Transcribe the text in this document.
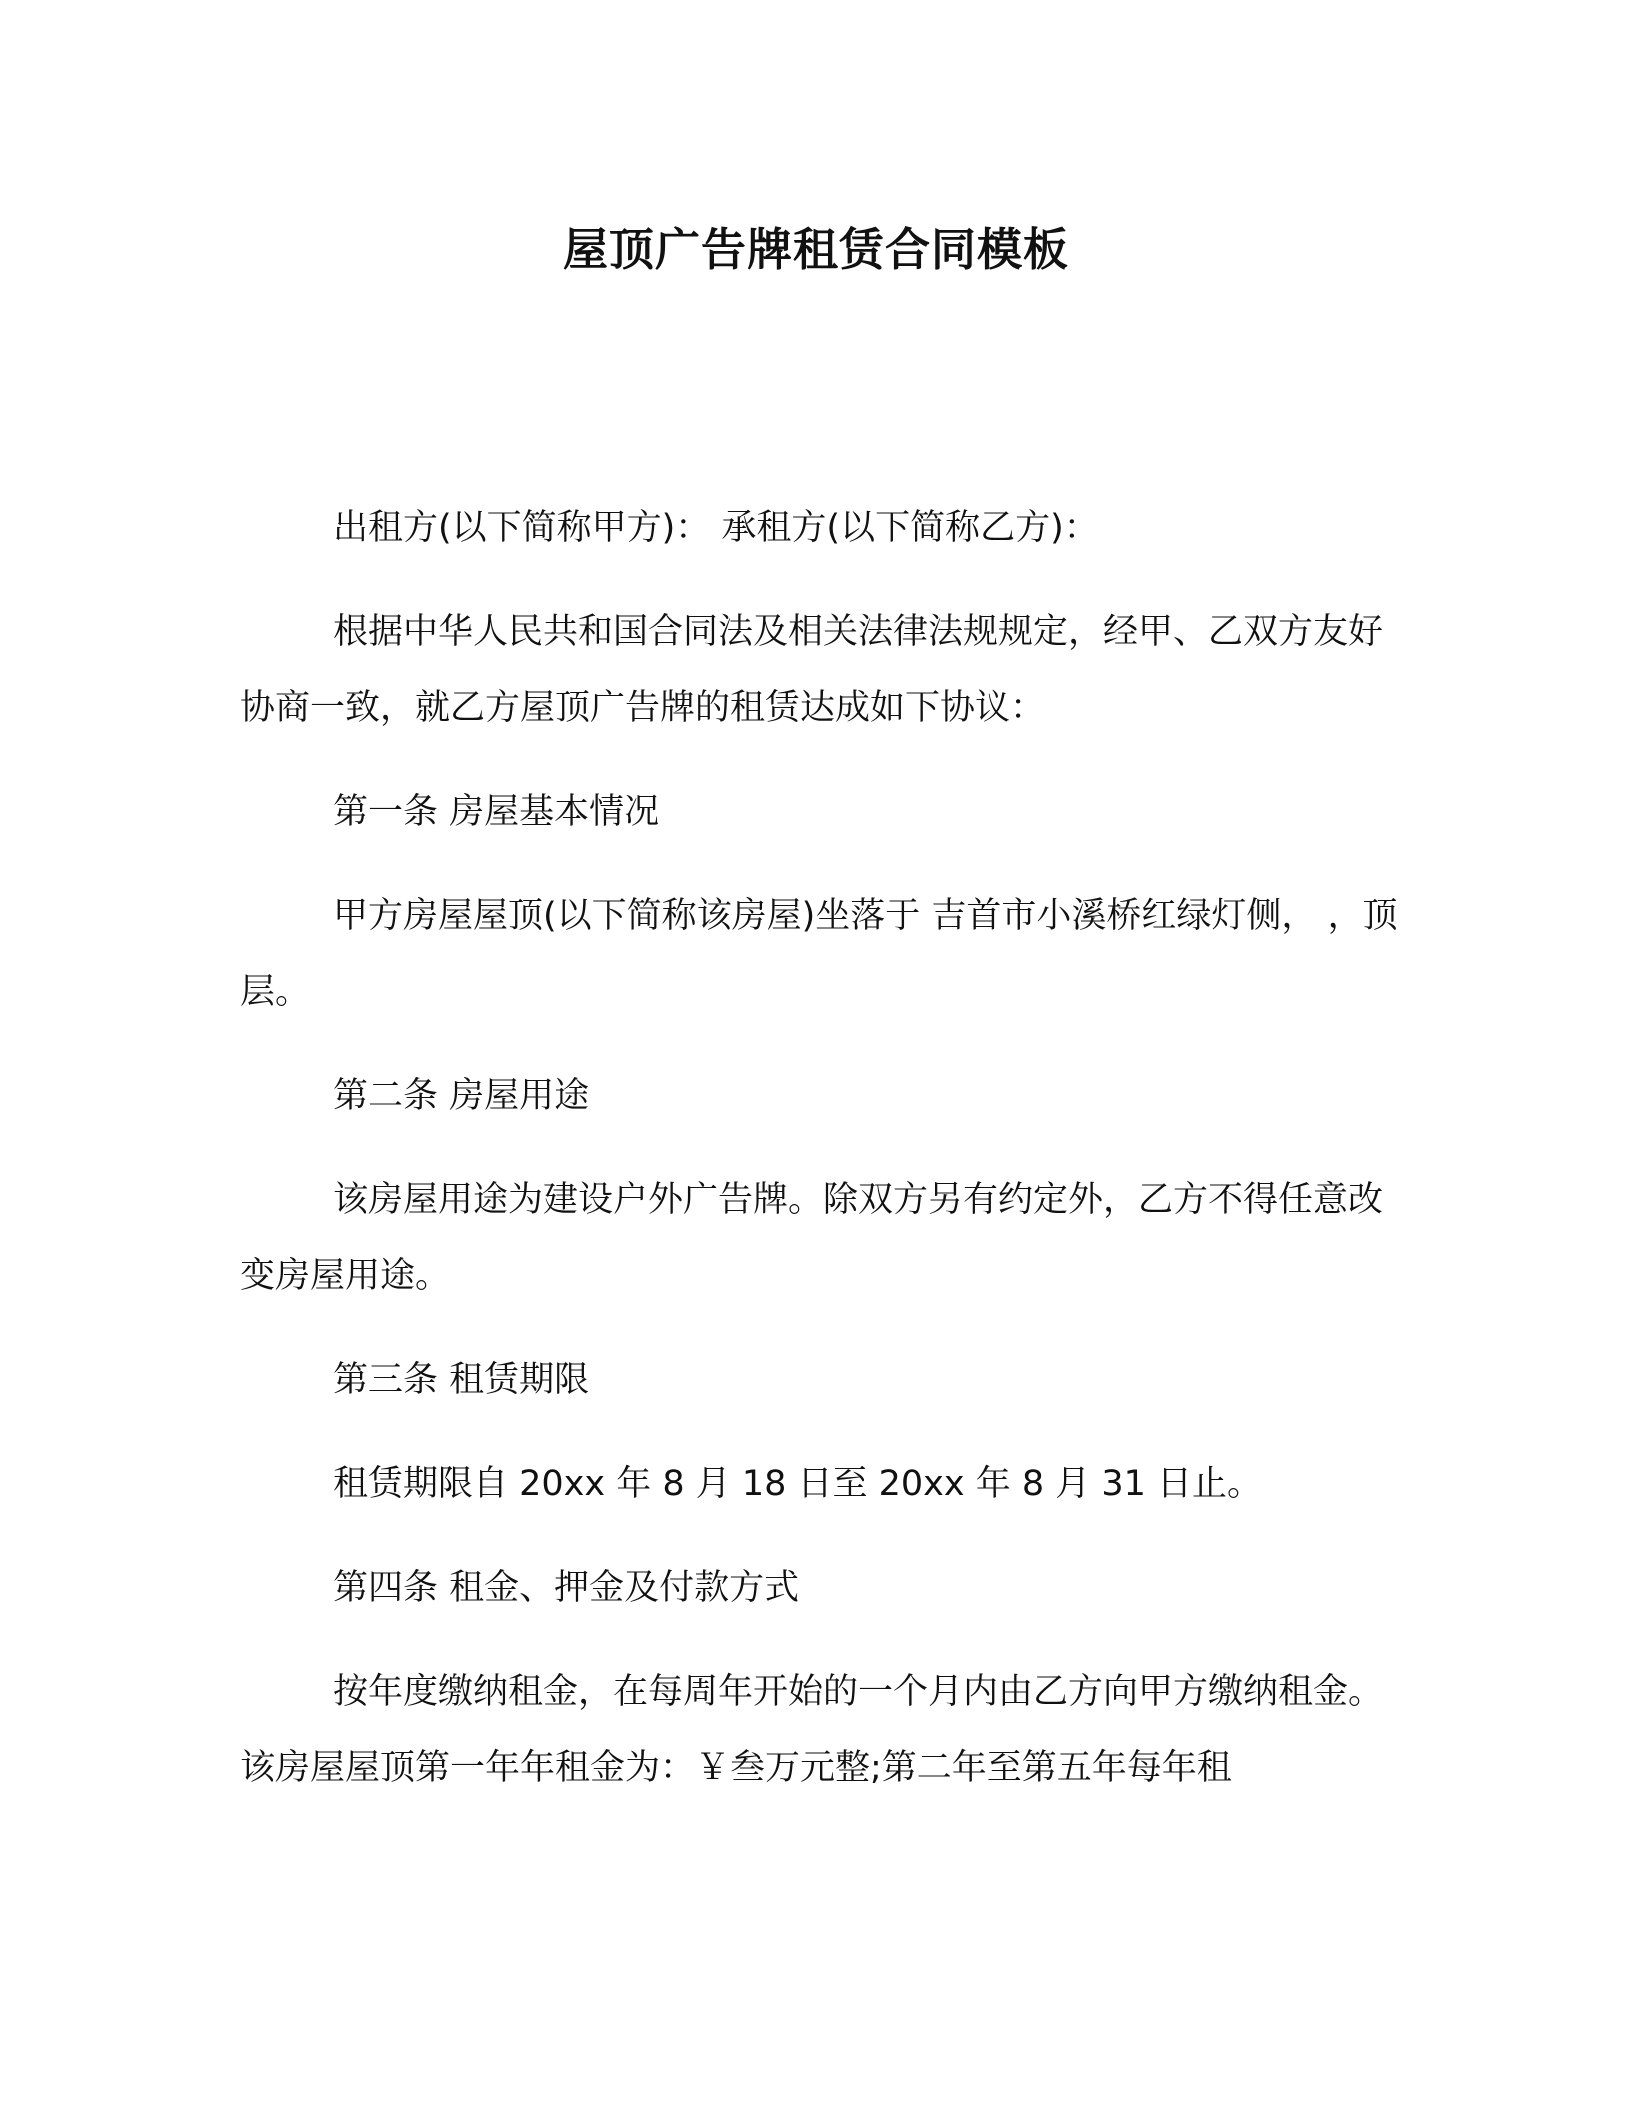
屋顶广告牌租赁合同模板

出租方(以下简称甲方)： 承租方(以下简称乙方)：

根据中华人民共和国合同法及相关法律法规规定，经甲、乙双方友好协商一致，就乙方屋顶广告牌的租赁达成如下协议：

第一条 房屋基本情况

甲方房屋屋顶(以下简称该房屋)坐落于 吉首市小溪桥红绿灯侧， ，顶层。

第二条 房屋用途

该房屋用途为建设户外广告牌。除双方另有约定外，乙方不得任意改变房屋用途。

第三条 租赁期限

租赁期限自 20xx 年 8 月 18 日至 20xx 年 8 月 31 日止。

第四条 租金、押金及付款方式

按年度缴纳租金，在每周年开始的一个月内由乙方向甲方缴纳租金。该房屋屋顶第一年年租金为：￥叁万元整;第二年至第五年每年租
